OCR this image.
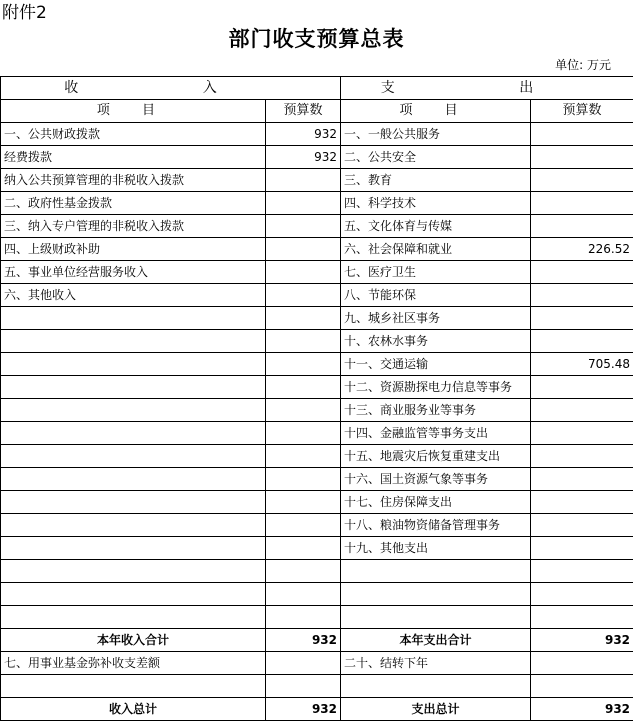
附件2
部门收支预算总表
单位: 万元
收 入		支 出	
项 目	预算数	项 目	预算数
一、公共财政拨款	932	一、一般公共服务	
经费拨款	932	二、公共安全	
纳入公共预算管理的非税收入拨款		三、教育	
二、政府性基金拨款		四、科学技术	
三、纳入专户管理的非税收入拨款		五、文化体育与传媒	
四、上级财政补助		六、社会保障和就业	226.52
五、事业单位经营服务收入		七、医疗卫生	
六、其他收入		八、节能环保	
		九、城乡社区事务	
		十、农林水事务	
		十一、交通运输	705.48
		十二、资源勘探电力信息等事务	
		十三、商业服务业等事务	
		十四、金融监管等事务支出	
		十五、地震灾后恢复重建支出	
		十六、国土资源气象等事务	
		十七、住房保障支出	
		十八、粮油物资储备管理事务	
		十九、其他支出	

本年收入合计	932	本年支出合计	932
七、用事业基金弥补收支差额		二十、结转下年	

收入总计	932	支出总计	932
